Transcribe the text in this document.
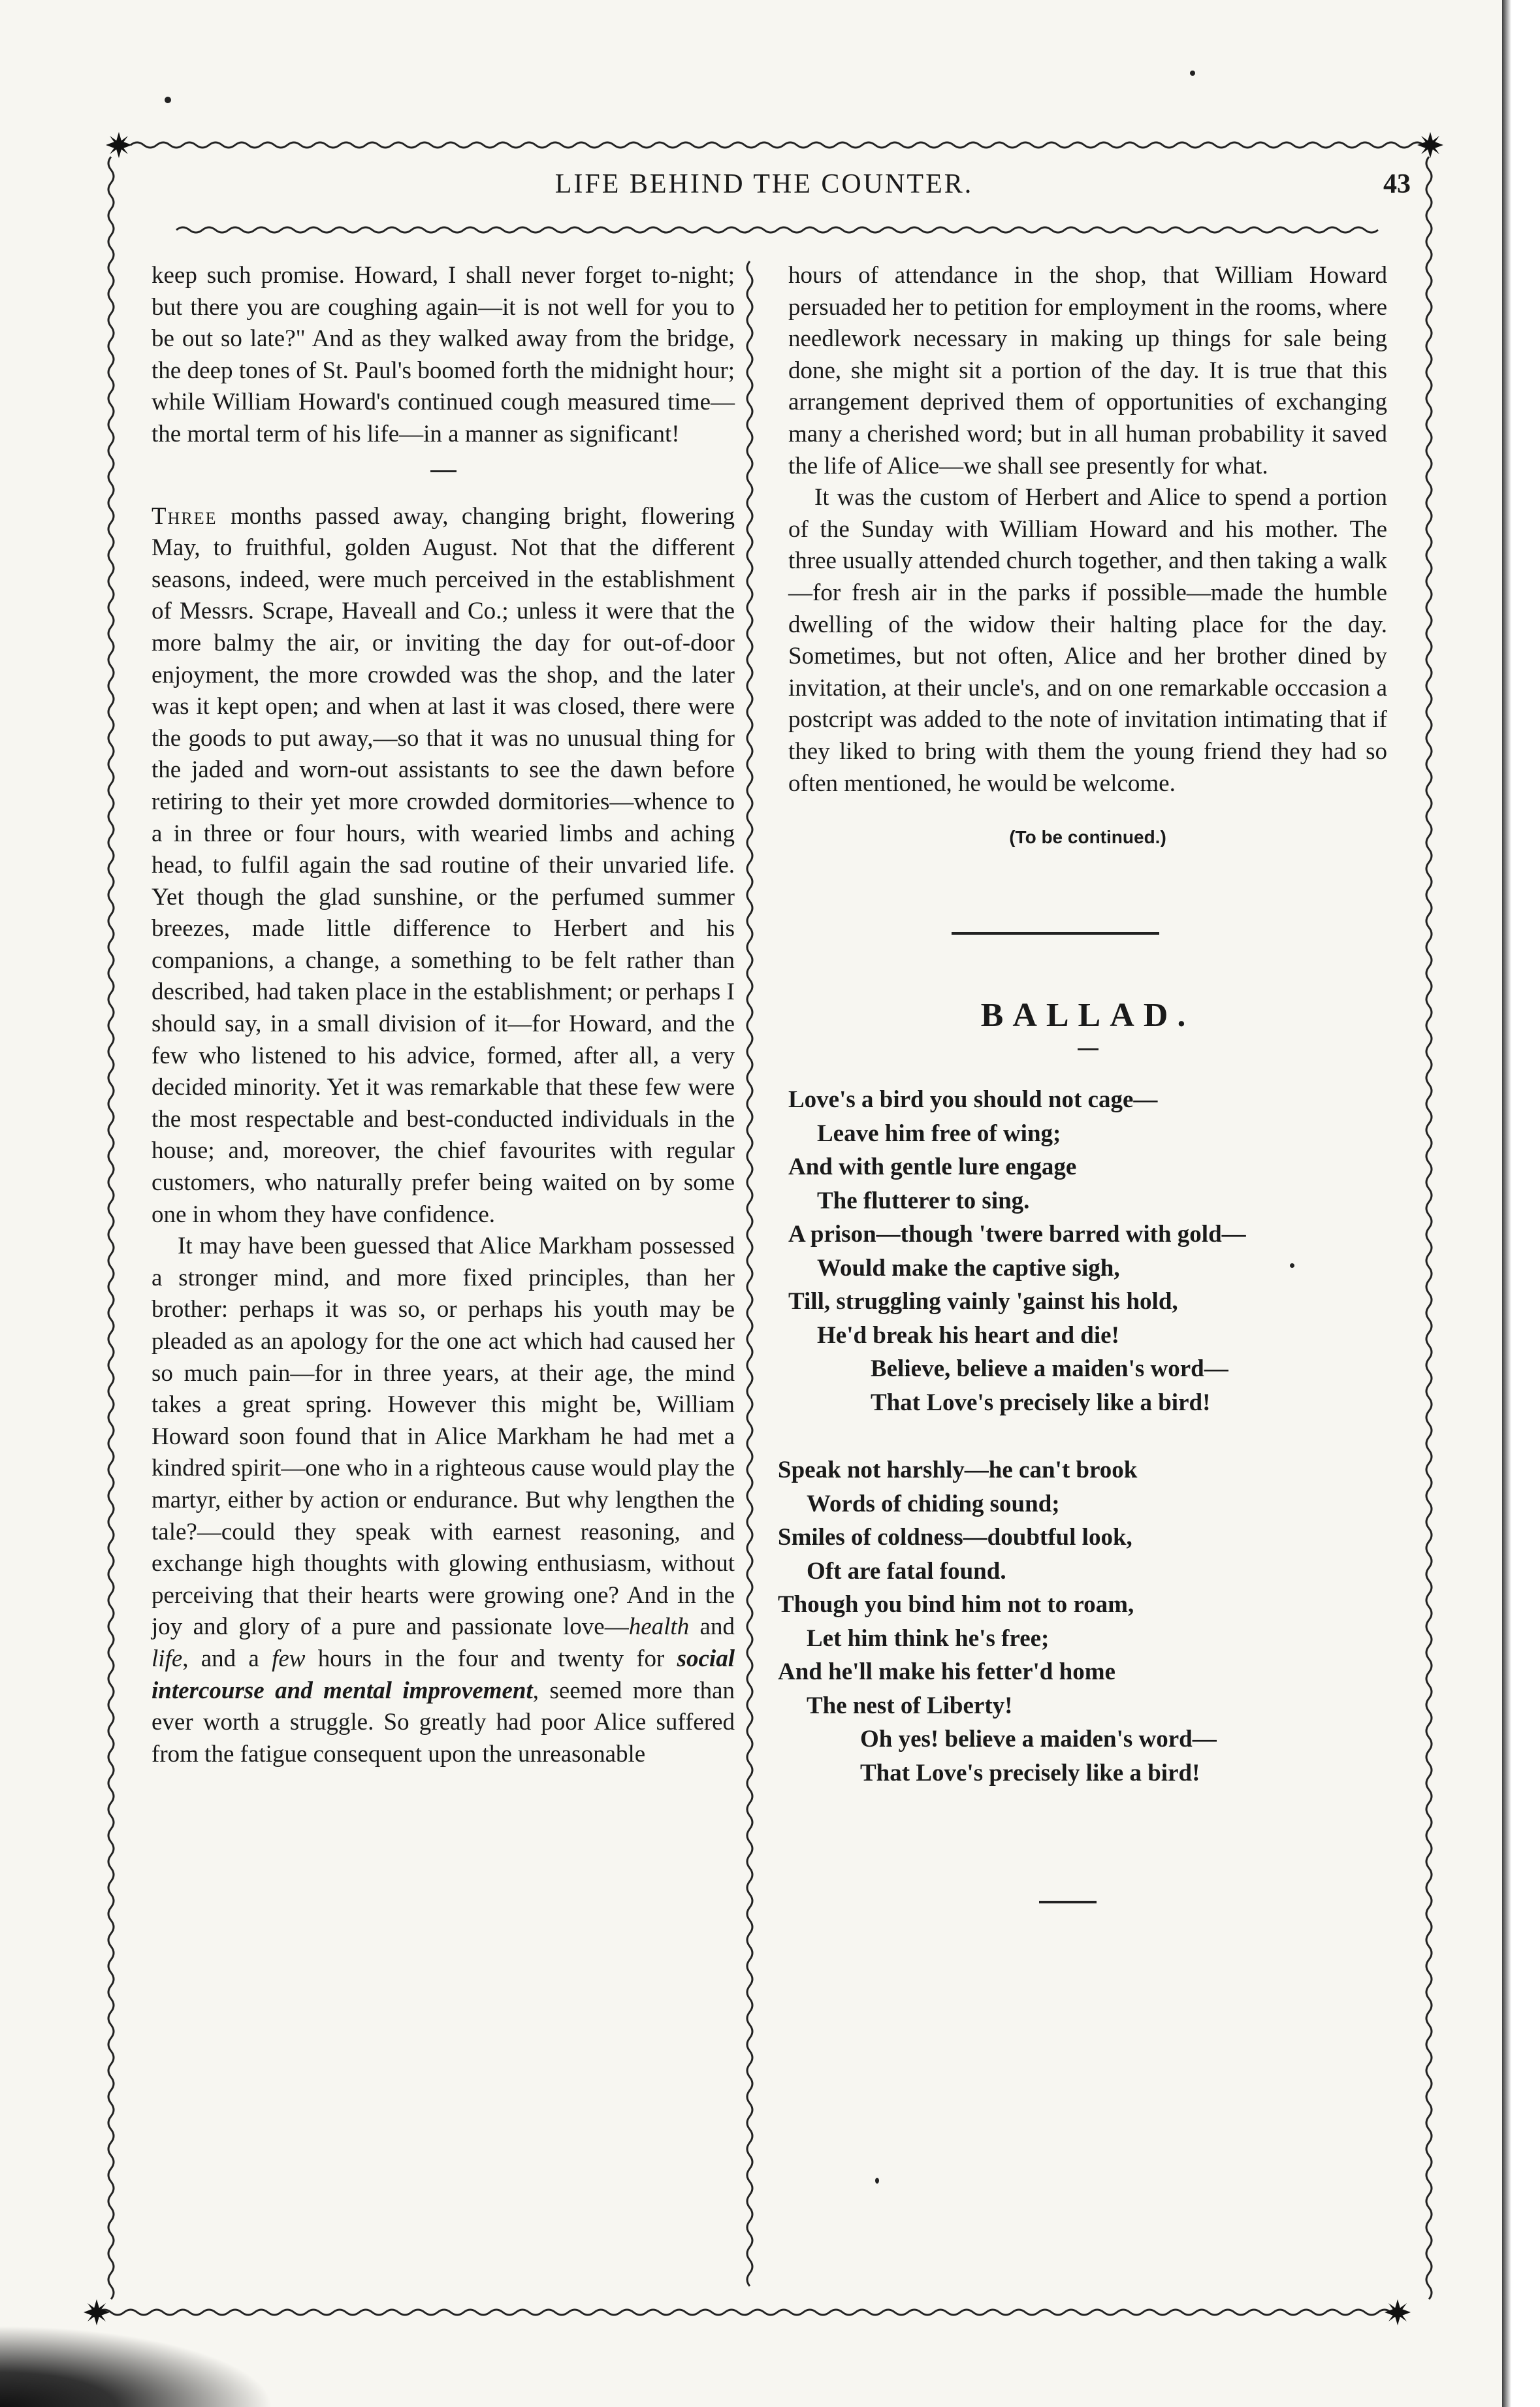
LIFE BEHIND THE COUNTER.	43

keep such promise. Howard, I shall never forget to-night; but there you are coughing again—it is not well for you to be out so late?" And as they walked away from the bridge, the deep tones of St. Paul's boomed forth the midnight hour; while William Howard's continued cough measured time—the mortal term of his life—in a manner as significant!

Three months passed away, changing bright, flowering May, to fruithful, golden August. Not that the different seasons, indeed, were much perceived in the establishment of Messrs. Scrape, Haveall and Co.; unless it were that the more balmy the air, or inviting the day for out-of-door enjoyment, the more crowded was the shop, and the later was it kept open; and when at last it was closed, there were the goods to put away,—so that it was no unusual thing for the jaded and worn-out assistants to see the dawn before retiring to their yet more crowded dormitories—whence to a in three or four hours, with wearied limbs and aching head, to fulfil again the sad routine of their unvaried life. Yet though the glad sunshine, or the perfumed summer breezes, made little difference to Herbert and his companions, a change, a something to be felt rather than described, had taken place in the establishment; or perhaps I should say, in a small division of it—for Howard, and the few who listened to his advice, formed, after all, a very decided minority. Yet it was remarkable that these few were the most respectable and best-conducted individuals in the house; and, moreover, the chief favourites with regular customers, who naturally prefer being waited on by some one in whom they have confidence.

It may have been guessed that Alice Markham possessed a stronger mind, and more fixed principles, than her brother: perhaps it was so, or perhaps his youth may be pleaded as an apology for the one act which had caused her so much pain—for in three years, at their age, the mind takes a great spring. However this might be, William Howard soon found that in Alice Markham he had met a kindred spirit—one who in a righteous cause would play the martyr, either by action or endurance. But why lengthen the tale?—could they speak with earnest reasoning, and exchange high thoughts with glowing enthusiasm, without perceiving that their hearts were growing one? And in the joy and glory of a pure and passionate love—health and life, and a few hours in the four and twenty for social intercourse and mental improvement, seemed more than ever worth a struggle. So greatly had poor Alice suffered from the fatigue consequent upon the unreasonable

hours of attendance in the shop, that William Howard persuaded her to petition for employment in the rooms, where needlework necessary in making up things for sale being done, she might sit a portion of the day. It is true that this arrangement deprived them of opportunities of exchanging many a cherished word; but in all human probability it saved the life of Alice—we shall see presently for what.

It was the custom of Herbert and Alice to spend a portion of the Sunday with William Howard and his mother. The three usually attended church together, and then taking a walk—for fresh air in the parks if possible—made the humble dwelling of the widow their halting place for the day. Sometimes, but not often, Alice and her brother dined by invitation, at their uncle's, and on one remarkable occcasion a postcript was added to the note of invitation intimating that if they liked to bring with them the young friend they had so often mentioned, he would be welcome.

(To be continued.)
BALLAD.
Love's a bird you should not cage—
Leave him free of wing;
And with gentle lure engage
The flutterer to sing.
A prison—though 'twere barred with gold—
Would make the captive sigh,
Till, struggling vainly 'gainst his hold,
He'd break his heart and die!
Believe, believe a maiden's word—
That Love's precisely like a bird!
Speak not harshly—he can't brook
Words of chiding sound;
Smiles of coldness—doubtful look,
Oft are fatal found.
Though you bind him not to roam,
Let him think he's free;
And he'll make his fetter'd home
The nest of Liberty!
Oh yes! believe a maiden's word—
That Love's precisely like a bird!
